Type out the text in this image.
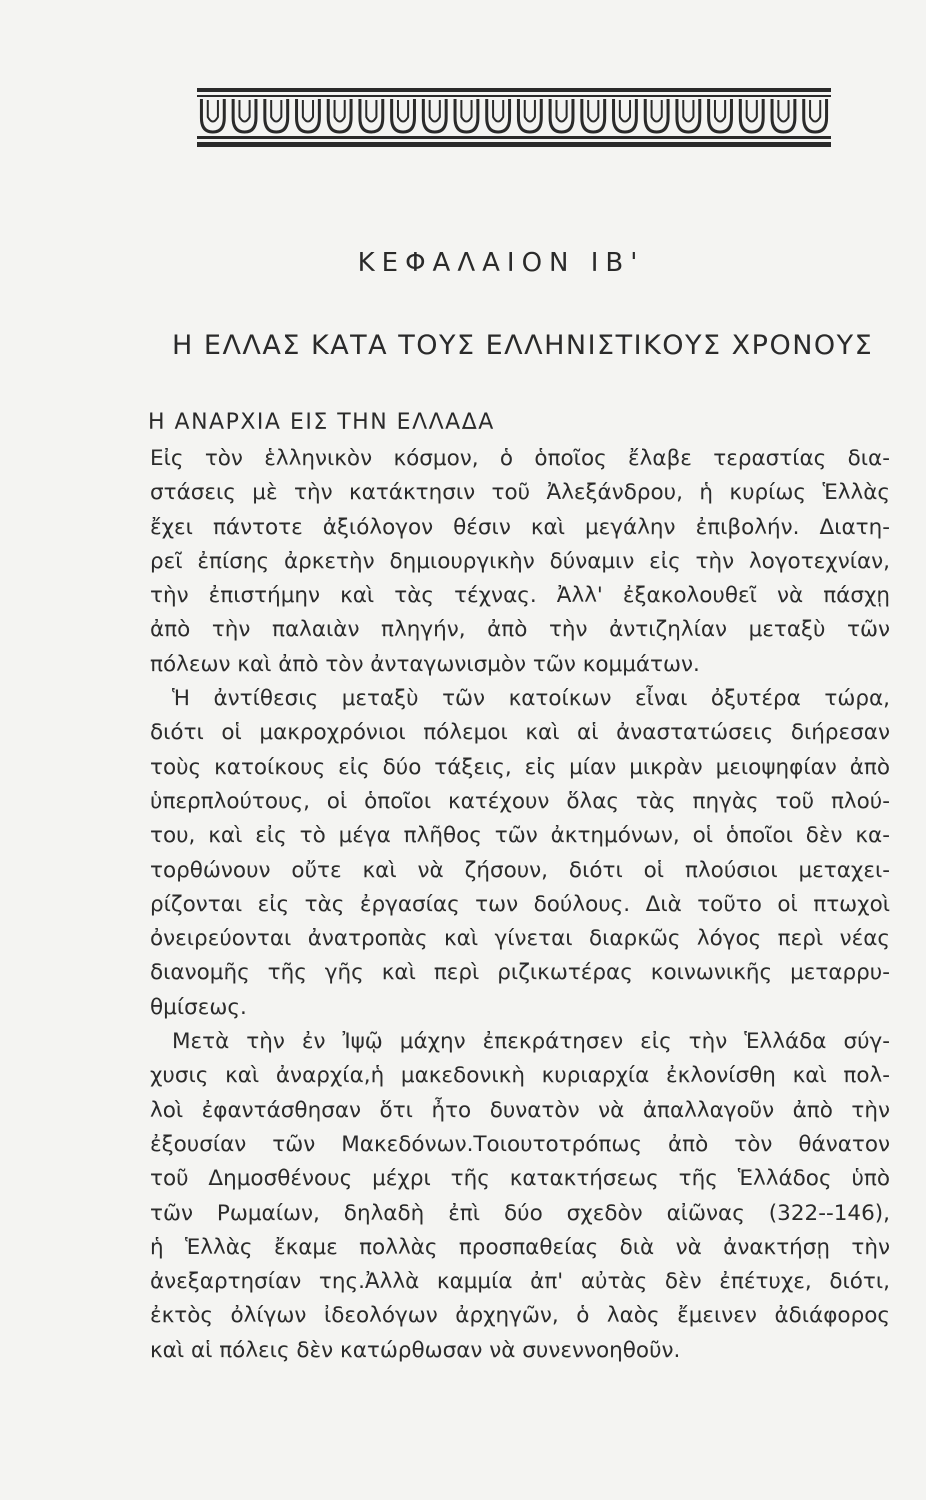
ΚΕΦΑΛΑΙΟΝ ΙΒ'
Η ΕΛΛΑΣ ΚΑΤΑ ΤΟΥΣ ΕΛΛΗΝΙΣΤΙΚΟΥΣ ΧΡΟΝΟΥΣ
Η ΑΝΑΡΧΙΑ ΕΙΣ ΤΗΝ ΕΛΛΑΔΑ
Εἰς τὸν ἑλληνικὸν κόσμον, ὁ ὁποῖος ἔλαβε τεραστίας δια-
στάσεις μὲ τὴν κατάκτησιν τοῦ Ἀλεξάνδρου, ἡ κυρίως Ἑλλὰς
ἔχει πάντοτε ἀξιόλογον θέσιν καὶ μεγάλην ἐπιβολήν. Διατη-
ρεῖ ἐπίσης ἀρκετὴν δημιουργικὴν δύναμιν εἰς τὴν λογοτεχνίαν,
τὴν ἐπιστήμην καὶ τὰς τέχνας. Ἀλλ' ἐξακολουθεῖ νὰ πάσχῃ
ἀπὸ τὴν παλαιὰν πληγήν, ἀπὸ τὴν ἀντιζηλίαν μεταξὺ τῶν
πόλεων καὶ ἀπὸ τὸν ἀνταγωνισμὸν τῶν κομμάτων.
Ἡ ἀντίθεσις μεταξὺ τῶν κατοίκων εἶναι ὀξυτέρα τώρα,
διότι οἱ μακροχρόνιοι πόλεμοι καὶ αἱ ἀναστατώσεις διήρεσαν
τοὺς κατοίκους εἰς δύο τάξεις, εἰς μίαν μικρὰν μειοψηφίαν ἀπὸ
ὑπερπλούτους, οἱ ὁποῖοι κατέχουν ὅλας τὰς πηγὰς τοῦ πλού-
του, καὶ εἰς τὸ μέγα πλῆθος τῶν ἀκτημόνων, οἱ ὁποῖοι δὲν κα-
τορθώνουν οὔτε καὶ νὰ ζήσουν, διότι οἱ πλούσιοι μεταχει-
ρίζονται εἰς τὰς ἐργασίας των δούλους. Διὰ τοῦτο οἱ πτωχοὶ
ὀνειρεύονται ἀνατροπὰς καὶ γίνεται διαρκῶς λόγος περὶ νέας
διανομῆς τῆς γῆς καὶ περὶ ριζικωτέρας κοινωνικῆς μεταρρυ-
θμίσεως.
Μετὰ τὴν ἐν Ἰψῷ μάχην ἐπεκράτησεν εἰς τὴν Ἑλλάδα σύγ-
χυσις καὶ ἀναρχία,ἡ μακεδονικὴ κυριαρχία ἐκλονίσθη καὶ πολ-
λοὶ ἐφαντάσθησαν ὅτι ἦτο δυνατὸν νὰ ἀπαλλαγοῦν ἀπὸ τὴν
ἐξουσίαν τῶν Μακεδόνων.Τοιουτοτρόπως ἀπὸ τὸν θάνατον
τοῦ Δημοσθένους μέχρι τῆς κατακτήσεως τῆς Ἑλλάδος ὑπὸ
τῶν Ρωμαίων, δηλαδὴ ἐπὶ δύο σχεδὸν αἰῶνας (322--146),
ἡ Ἑλλὰς ἔκαμε πολλὰς προσπαθείας διὰ νὰ ἀνακτήσῃ τὴν
ἀνεξαρτησίαν της.Ἀλλὰ καμμία ἀπ' αὐτὰς δὲν ἐπέτυχε, διότι,
ἐκτὸς ὀλίγων ἰδεολόγων ἀρχηγῶν, ὁ λαὸς ἔμεινεν ἀδιάφορος
καὶ αἱ πόλεις δὲν κατώρθωσαν νὰ συνεννοηθοῦν.
